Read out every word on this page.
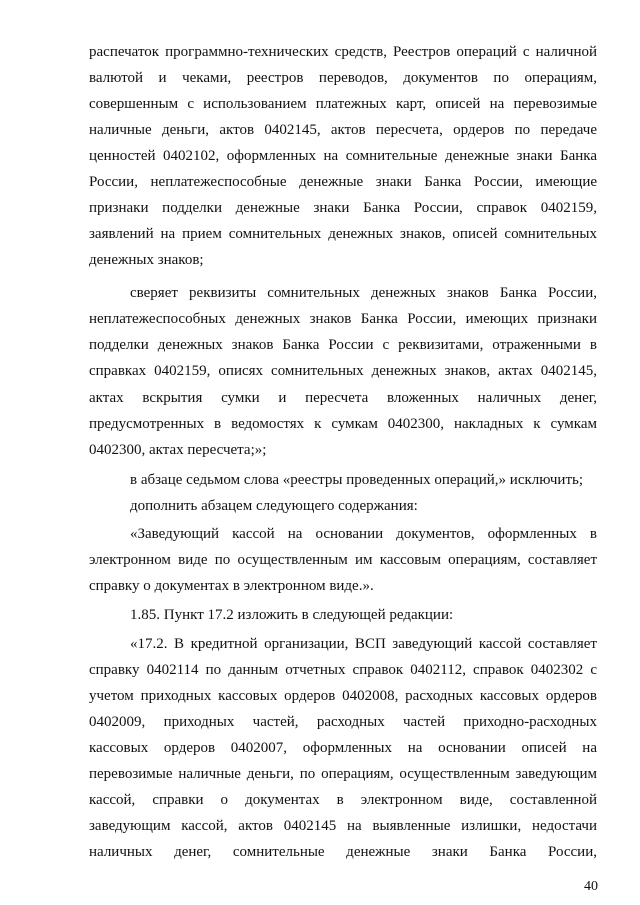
распечаток программно-технических средств, Реестров операций с наличной
валютой и чеками, реестров переводов, документов по операциям,
совершенным с использованием платежных карт, описей на перевозимые
наличные деньги, актов 0402145, актов пересчета, ордеров по передаче
ценностей 0402102, оформленных на сомнительные денежные знаки Банка
России, неплатежеспособные денежные знаки Банка России, имеющие
признаки подделки денежные знаки Банка России, справок 0402159,
заявлений на прием сомнительных денежных знаков, описей сомнительных
денежных знаков;
сверяет реквизиты сомнительных денежных знаков Банка России,
неплатежеспособных денежных знаков Банка России, имеющих признаки
подделки денежных знаков Банка России с реквизитами, отраженными в
справках 0402159, описях сомнительных денежных знаков, актах 0402145,
актах вскрытия сумки и пересчета вложенных наличных денег,
предусмотренных в ведомостях к сумкам 0402300, накладных к сумкам
0402300, актах пересчета;»;
в абзаце седьмом слова «реестры проведенных операций,» исключить;
дополнить абзацем следующего содержания:
«Заведующий кассой на основании документов, оформленных в
электронном виде по осуществленным им кассовым операциям, составляет
справку о документах в электронном виде.».
1.85. Пункт 17.2 изложить в следующей редакции:
«17.2. В кредитной организации, ВСП заведующий кассой составляет
справку 0402114 по данным отчетных справок 0402112, справок 0402302 с
учетом приходных кассовых ордеров 0402008, расходных кассовых ордеров
0402009, приходных частей, расходных частей приходно-расходных
кассовых ордеров 0402007, оформленных на основании описей на
перевозимые наличные деньги, по операциям, осуществленным заведующим
кассой, справки о документах в электронном виде, составленной
заведующим кассой, актов 0402145 на выявленные излишки, недостачи
наличных денег, сомнительные денежные знаки Банка России,
40
